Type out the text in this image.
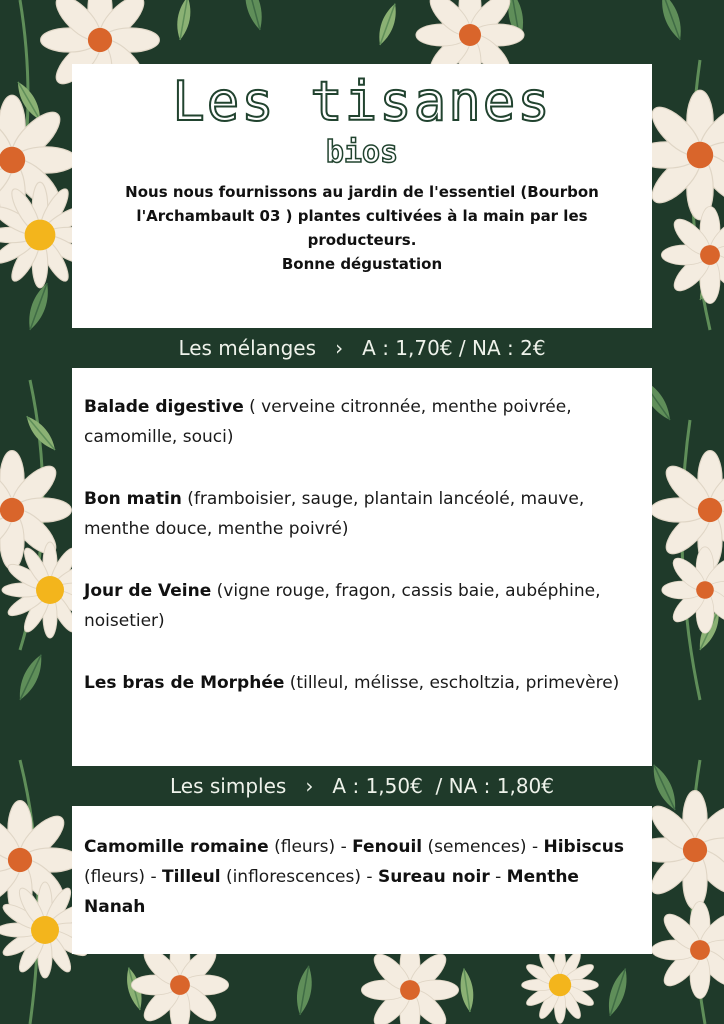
Les tisanes
bios
Nous nous fournissons au jardin de l'essentiel (Bourbon
l'Archambault 03 ) plantes cultivées à la main par les
producteurs.
Bonne dégustation
Les mélanges   ›   A : 1,70€ / NA : 2€
Balade digestive ( verveine citronnée, menthe poivrée, camomille, souci)
Bon matin (framboisier, sauge, plantain lancéolé, mauve, menthe douce, menthe poivré)
Jour de Veine (vigne rouge, fragon, cassis baie, aubéphine, noisetier)
Les bras de Morphée (tilleul, mélisse, escholtzia, primevère)
Les simples   ›   A : 1,50€  / NA : 1,80€
Camomille romaine (fleurs) - Fenouil (semences) - Hibiscus (fleurs) - Tilleul (inflorescences) - Sureau noir - Menthe Nanah
